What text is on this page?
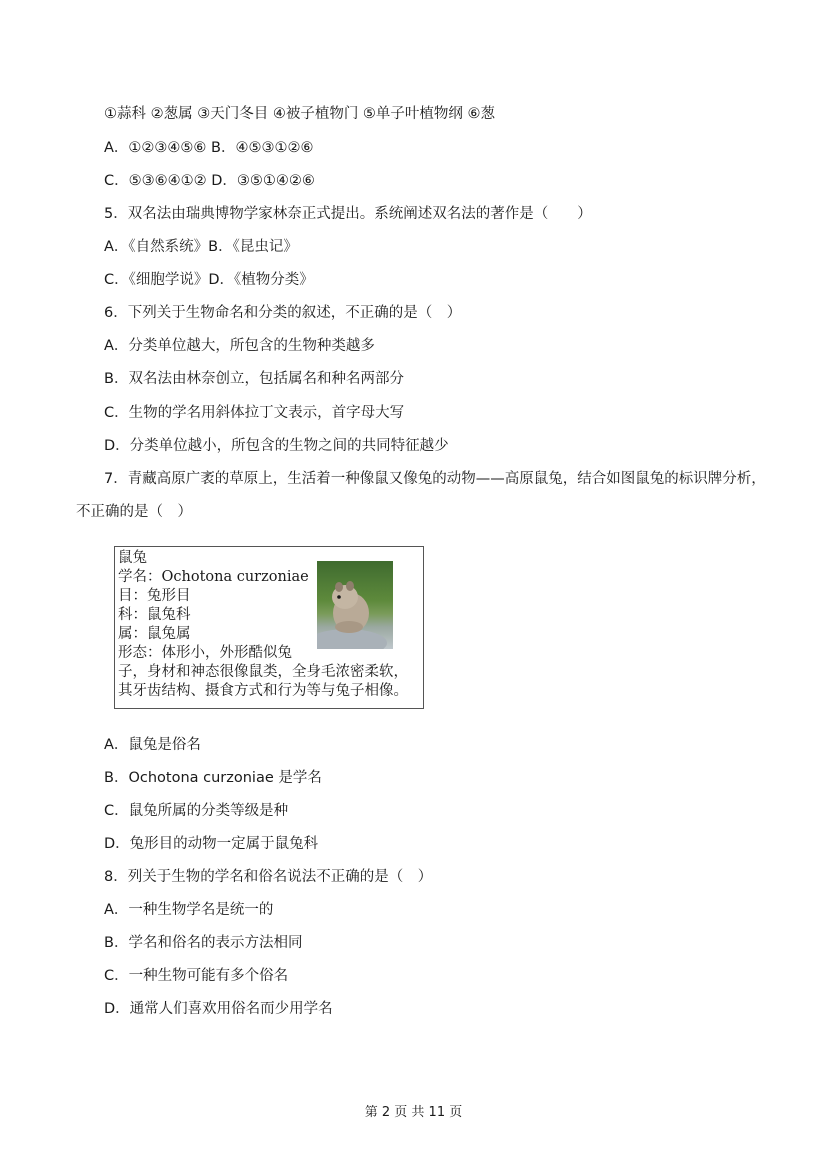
①蒜科 ②葱属 ③天门冬目 ④被子植物门 ⑤单子叶植物纲 ⑥葱
A．①②③④⑤⑥ B．④⑤③①②⑥
C．⑤③⑥④①② D．③⑤①④②⑥
5．双名法由瑞典博物学家林奈正式提出。系统阐述双名法的著作是（　　）
A．《自然系统》B．《昆虫记》
C．《细胞学说》D．《植物分类》
6．下列关于生物命名和分类的叙述，不正确的是（　）
A．分类单位越大，所包含的生物种类越多
B．双名法由林奈创立，包括属名和种名两部分
C．生物的学名用斜体拉丁文表示，首字母大写
D．分类单位越小，所包含的生物之间的共同特征越少
7．青藏高原广袤的草原上，生活着一种像鼠又像兔的动物——高原鼠兔，结合如图鼠兔的标识牌分析，
不正确的是（　）
鼠兔
学名：Ochotona curzoniae
目：兔形目
科：鼠兔科
属：鼠兔属
形态：体形小，外形酷似兔
子，身材和神态很像鼠类，全身毛浓密柔软，
其牙齿结构、摄食方式和行为等与兔子相像。
A．鼠兔是俗名
B．Ochotona curzoniae 是学名
C．鼠兔所属的分类等级是种
D．兔形目的动物一定属于鼠兔科
8．列关于生物的学名和俗名说法不正确的是（　）
A．一种生物学名是统一的
B．学名和俗名的表示方法相同
C．一种生物可能有多个俗名
D．通常人们喜欢用俗名而少用学名
第 2 页 共 11 页
